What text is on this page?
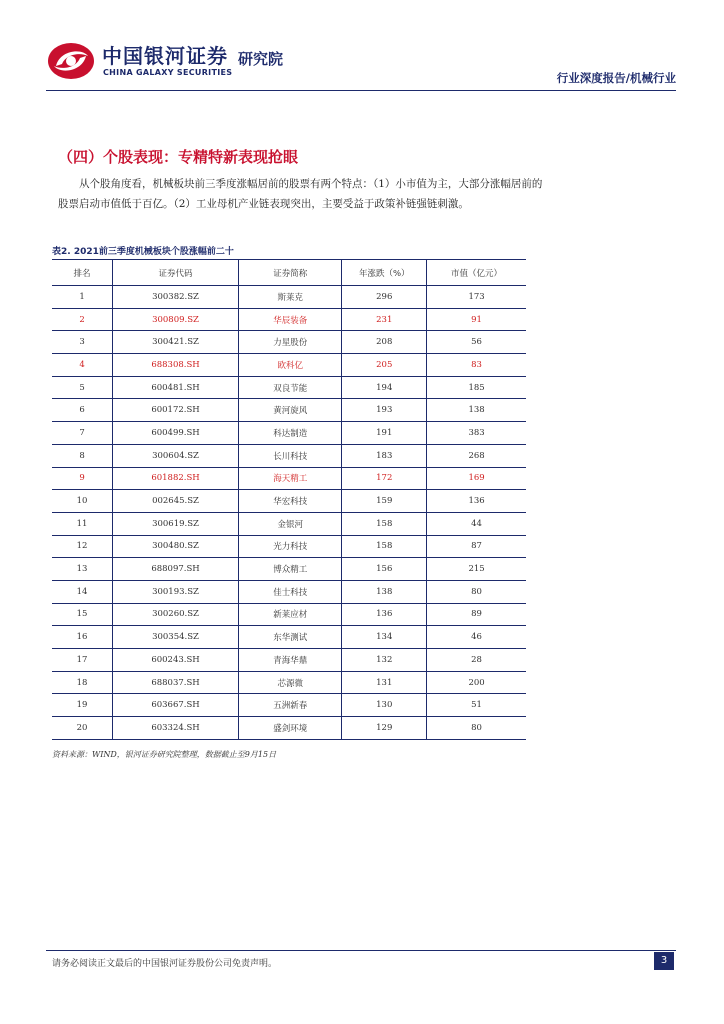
中国银河证券 研究院
CHINA GALAXY SECURITIES	行业深度报告/机械行业
（四）个股表现：专精特新表现抢眼
从个股角度看，机械板块前三季度涨幅居前的股票有两个特点：（1）小市值为主，大部分涨幅居前的股票启动市值低于百亿。（2）工业母机产业链表现突出，主要受益于政策补链强链刺激。
表2. 2021前三季度机械板块个股涨幅前二十
排名	证券代码	证券简称	年涨跌（%）	市值（亿元）
1	300382.SZ	斯莱克	296	173
2	300809.SZ	华辰装备	231	91
3	300421.SZ	力星股份	208	56
4	688308.SH	欧科亿	205	83
5	600481.SH	双良节能	194	185
6	600172.SH	黄河旋风	193	138
7	600499.SH	科达制造	191	383
8	300604.SZ	长川科技	183	268
9	601882.SH	海天精工	172	169
10	002645.SZ	华宏科技	159	136
11	300619.SZ	金银河	158	44
12	300480.SZ	光力科技	158	87
13	688097.SH	博众精工	156	215
14	300193.SZ	佳士科技	138	80
15	300260.SZ	新莱应材	136	89
16	300354.SZ	东华测试	134	46
17	600243.SH	青海华鼎	132	28
18	688037.SH	芯源微	131	200
19	603667.SH	五洲新春	130	51
20	603324.SH	盛剑环境	129	80
资料来源：WIND，银河证券研究院整理，数据截止至9月15日
请务必阅读正文最后的中国银河证券股份公司免责声明。	3
